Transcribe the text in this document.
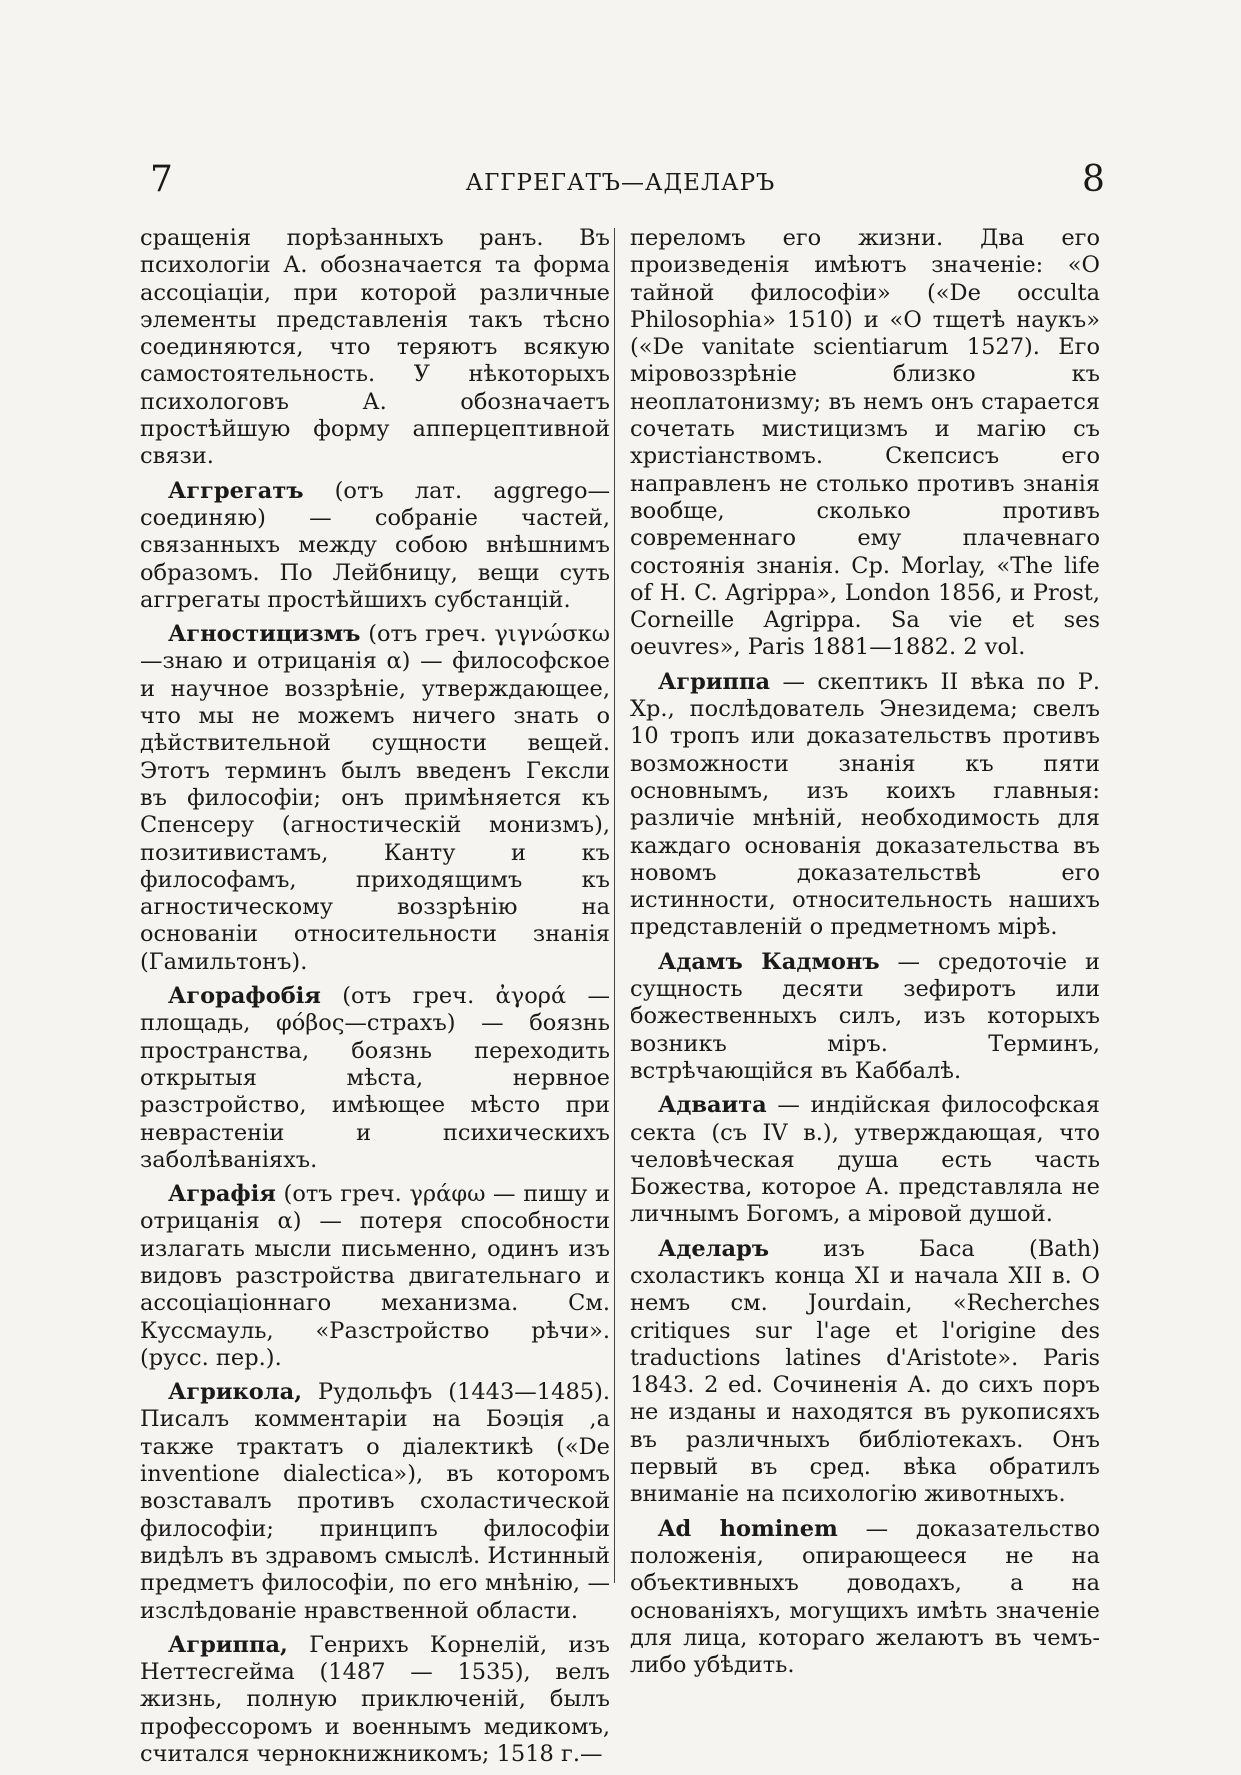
7	АГГРЕГАТЪ—АДЕЛАРЪ	8

сращенія порѣзанныхъ ранъ. Въ психологіи А. обозначается та форма ассоціаціи, при которой различные элементы представленія такъ тѣсно соединяются, что теряютъ всякую самостоятельность. У нѣкоторыхъ психологовъ А. обозначаетъ простѣйшую форму апперцептивной связи.

Аггрегатъ (отъ лат. aggrego—соединяю) — собраніе частей, связанныхъ между собою внѣшнимъ образомъ. По Лейбницу, вещи суть аггрегаты простѣйшихъ субстанцій.

Агностицизмъ (отъ греч. γιγνώσκω—знаю и отрицанія α) — философское и научное воззрѣніе, утверждающее, что мы не можемъ ничего знать о дѣйствительной сущности вещей. Этотъ терминъ былъ введенъ Гексли въ философіи; онъ примѣняется къ Спенсеру (агностическій монизмъ), позитивистамъ, Канту и къ философамъ, приходящимъ къ агностическому воззрѣнію на основаніи относительности знанія (Гамильтонъ).

Агорафобія (отъ греч. ἀγορά — площадь, φόβος—страхъ) — боязнь пространства, боязнь переходить открытыя мѣста, нервное разстройство, имѣющее мѣсто при неврастеніи и психическихъ заболѣваніяхъ.

Аграфія (отъ греч. γράφω — пишу и отрицанія α) — потеря способности излагать мысли письменно, одинъ изъ видовъ разстройства двигательнаго и ассоціаціоннаго механизма. См. Куссмауль, «Разстройство рѣчи». (русс. пер.).

Агрикола, Рудольфъ (1443—1485). Писалъ комментаріи на Боэція ,а также трактатъ о діалектикѣ («De inventione dialectica»), въ которомъ возставалъ противъ схоластической философіи; принципъ философіи видѣлъ въ здравомъ смыслѣ. Истинный предметъ философіи, по его мнѣнію, — изслѣдованіе нравственной области.

Агриппа, Генрихъ Корнелій, изъ Неттесгейма (1487 — 1535), велъ жизнь, полную приключеній, былъ профессоромъ и военнымъ медикомъ, считался чернокнижникомъ; 1518 г.—

переломъ его жизни. Два его произведенія имѣютъ значеніе: «О тайной философіи» («De occulta Philosophia» 1510) и «О тщетѣ наукъ» («De vanitate scientiarum 1527). Его міровоззрѣніе близко къ неоплатонизму; въ немъ онъ старается сочетать мистицизмъ и магію съ христіанствомъ. Скепсисъ его направленъ не столько противъ знанія вообще, сколько противъ современнаго ему плачевнаго состоянія знанія. Ср. Morlay, «The life of H. C. Agrippa», London 1856, и Prost, Corneille Agrippa. Sa vie et ses oeuvres», Paris 1881—1882. 2 vol.

Агриппа — скептикъ II вѣка по Р. Хр., послѣдователь Энезидема; свелъ 10 тропъ или доказательствъ противъ возможности знанія къ пяти основнымъ, изъ коихъ главныя: различіе мнѣній, необходимость для каждаго основанія доказательства въ новомъ доказательствѣ его истинности, относительность нашихъ представленій о предметномъ мірѣ.

Адамъ Кадмонъ — средоточіе и сущность десяти зефиротъ или божественныхъ силъ, изъ которыхъ возникъ міръ. Терминъ, встрѣчающійся въ Каббалѣ.

Адваита — индійская философская секта (съ IV в.), утверждающая, что человѣческая душа есть часть Божества, которое А. представляла не личнымъ Богомъ, а міровой душой.

Аделаръ изъ Баса (Bath) схоластикъ конца XI и начала XII в. О немъ см. Jourdain, «Recherches critiques sur l'age et l'origine des traductions latines d'Aristote». Paris 1843. 2 ed. Сочиненія А. до сихъ поръ не изданы и находятся въ рукописяхъ въ различныхъ библіотекахъ. Онъ первый въ сред. вѣка обратилъ вниманіе на психологію животныхъ.

Ad hominem — доказательство положенія, опирающееся не на объективныхъ доводахъ, а на основаніяхъ, могущихъ имѣть значеніе для лица, котораго желаютъ въ чемъ-либо убѣдить.
